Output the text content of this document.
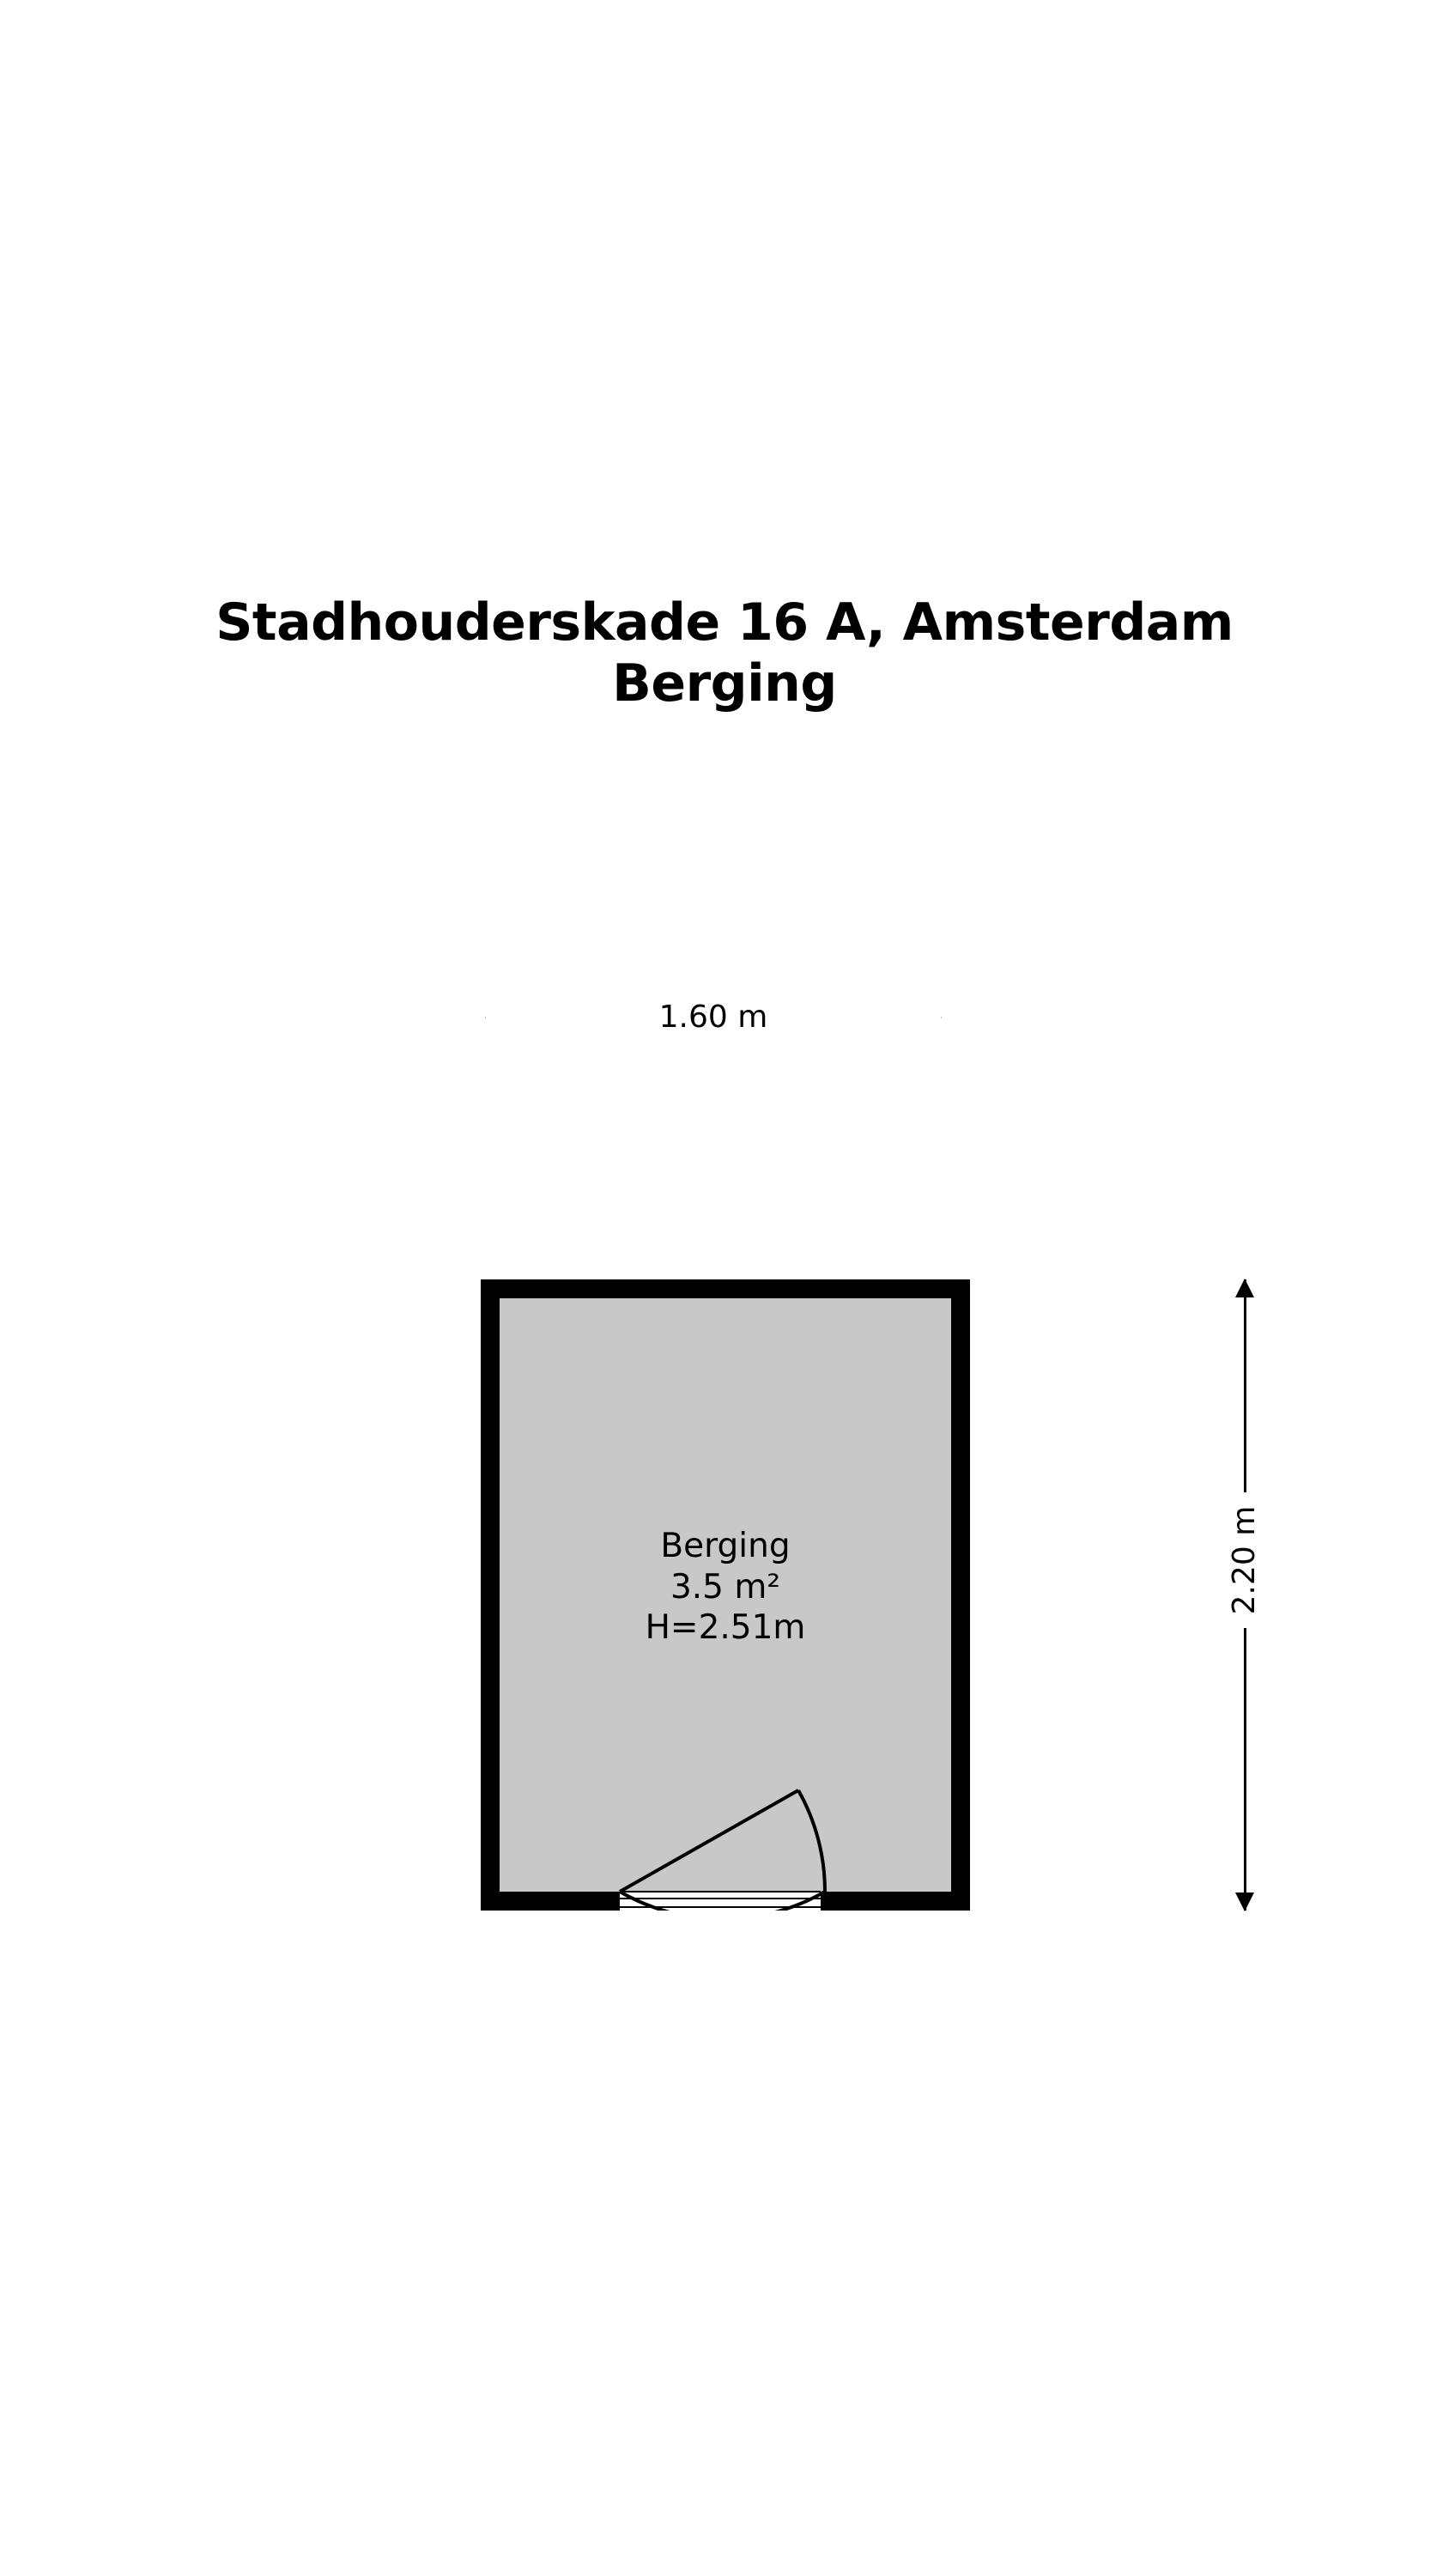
Stadhouderskade 16 A, Amsterdam
Berging
1.60 m
2.20 m
Berging
3.5 m²
H=2.51m
